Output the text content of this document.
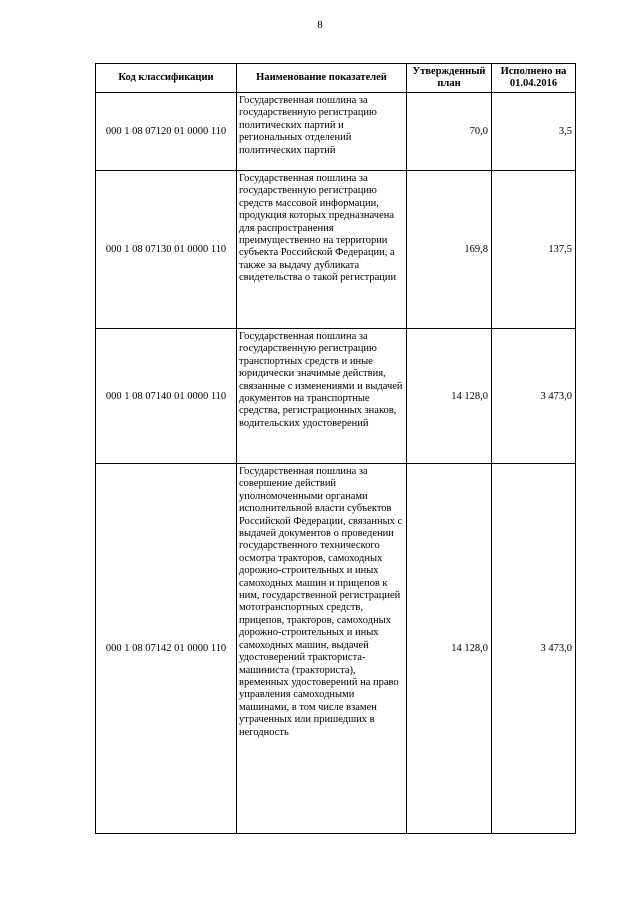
8
Код классификации	Наименование показателей	Утвержденный план	Исполнено на 01.04.2016
000 1 08 07120 01 0000 110	Государственная пошлина за государственную регистрацию политических партий и региональных отделений политических партий	70,0	3,5
000 1 08 07130 01 0000 110	Государственная пошлина за государственную регистрацию средств массовой информации, продукция которых предназначена для распространения преимущественно на территории субъекта Российской Федерации, а также за выдачу дубликата свидетельства о такой регистрации	169,8	137,5
000 1 08 07140 01 0000 110	Государственная пошлина за государственную регистрацию транспортных средств и иные юридически значимые действия, связанные с изменениями и выдачей документов на транспортные средства, регистрационных знаков, водительских удостоверений	14 128,0	3 473,0
000 1 08 07142 01 0000 110	Государственная пошлина за совершение действий уполномоченными органами исполнительной власти субъектов Российской Федерации, связанных с выдачей документов о проведении государственного технического осмотра тракторов, самоходных дорожно-строительных и иных самоходных машин и прицепов к ним, государственной регистрацией мототранспортных средств, прицепов, тракторов, самоходных дорожно-строительных и иных самоходных машин, выдачей удостоверений тракториста-машиниста (тракториста), временных удостоверений на право управления самоходными машинами, в том числе взамен утраченных или пришедших в негодность	14 128,0	3 473,0
